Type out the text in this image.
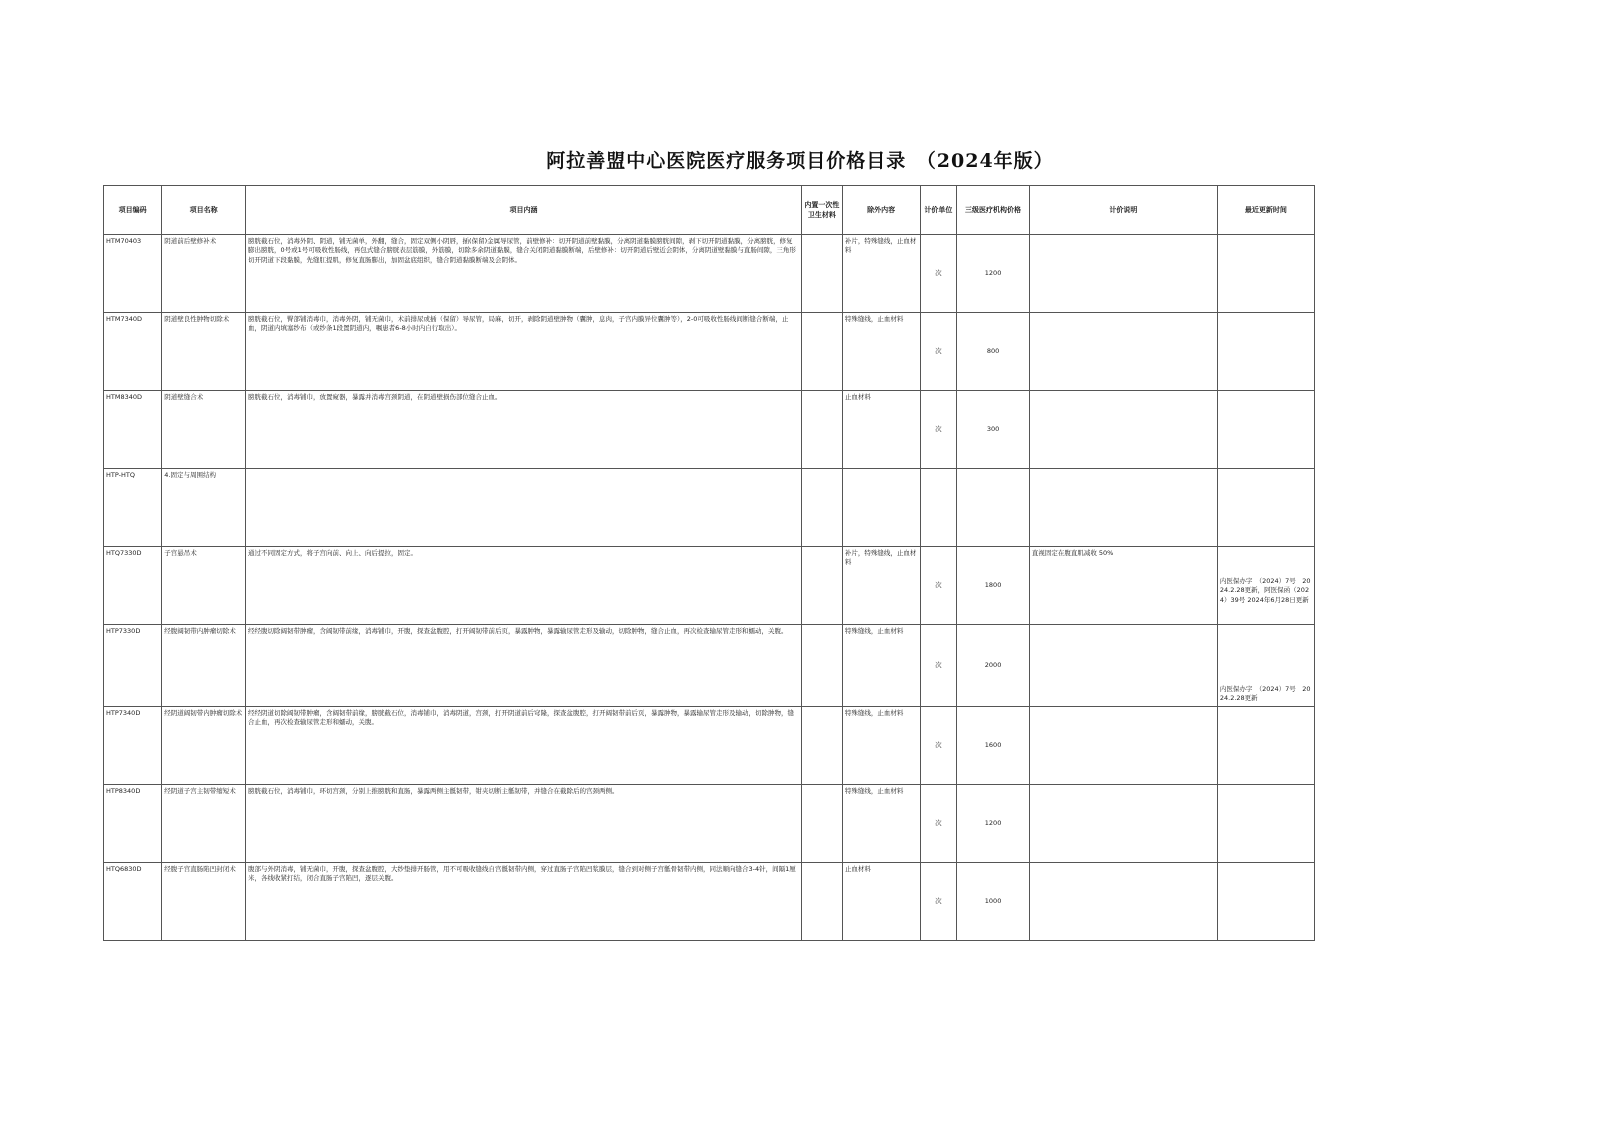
阿拉善盟中心医院医疗服务项目价格目录　（2024年版）
项目编码	项目名称	项目内涵	内置一次性卫生材料	除外内容	计价单位	三级医疗机构价格	计价说明	最近更新时间
HTM70403	阴道前后壁修补术	膀胱截石位，消毒外阴、阴道，铺无菌单，外翻，缝合，固定双侧小阴唇，插(保留)金属导尿管，前壁修补：切开阴道前壁黏膜，分离阴道黏膜膀胱间隙，剥下切开阴道黏膜，分离膀胱，修复膨出膀胱，0号或1号可吸收性肠线，再包式缝合膀胱表层筋膜，外筋膜，切除多余阴道黏膜，缝合关闭阴道黏膜断端，后壁修补：切开阴道后壁近会阴体，分离阴道壁黏膜与直肠间隙，三角形切开阴道下段黏膜，先缝肛提肌，修复直肠膨出，加固盆底组织，缝合阴道黏膜断端及会阴体。		补片，特殊缝线，止血材料	次	1200		
HTM7340D	阴道壁良性肿物切除术	膀胱截石位，臀部铺消毒巾，消毒外阴，铺无菌巾，术前排尿或插（保留）导尿管，局麻，切开，剥除阴道壁肿物（囊肿，息肉，子宫内膜异位囊肿等），2-0可吸收性肠线间断缝合断端，止血，阴道内填塞纱布（或纱条1段置阴道内，嘱患者6-8小时内自行取出）。		特殊缝线，止血材料	次	800		
HTM8340D	阴道壁缝合术	膀胱截石位，消毒铺巾，放置窥器，暴露并消毒宫颈阴道，在阴道壁损伤部位缝合止血。		止血材料	次	300		
HTP-HTQ	4.固定与周围结构							
HTQ7330D	子宫悬吊术	通过不同固定方式，将子宫向前、向上、向后提拉，固定。		补片，特殊缝线，止血材料	次	1800	直视固定在腹直肌减收 50%	内医保办字　（2024）7号　2024.2.28更新，阿医保函（2024）39号 2024年6月28日更新

HTP7330D	经腹阔韧带内肿瘤切除术	经经腹切除阔韧带肿瘤，含阔韧带前缘，消毒铺巾，开腹，探查盆腹腔，打开阔韧带前后页，暴露肿物，暴露输尿管走形及输动，切除肿物，缝合止血，再次检查输尿管走形和蠕动，关腹。		特殊缝线，止血材料	次	2000		内医保办字　（2024）7号　2024.2.28更新

HTP7340D	经阴道阔韧带内肿瘤切除术	经经阴道切除阔韧带肿瘤，含阔韧带前缘，膀胱截石位，消毒铺巾，消毒阴道，宫颈，打开阴道前后穹隆，探查盆腹腔，打开阔韧带前后页，暴露肿物，暴露输尿管走形及输动，切除肿物，缝合止血，再次检查输尿管走形和蠕动，关腹。		特殊缝线，止血材料	次	1600		
HTP8340D	经阴道子宫主韧带缩短术	膀胱截石位，消毒铺巾，环切宫颈，分别上推膀胱和直肠，暴露两侧主骶韧带，钳夹切断主骶韧带，并缝合在截除后的宫颈两侧。		特殊缝线，止血材料	次	1200		
HTQ6830D	经腹子宫直肠陷凹封闭术	腹部与外阴消毒，铺无菌巾，开腹，探查盆腹腔，大纱垫排开肠管，用不可吸收缝线自宫骶韧带内侧，穿过直肠子宫陷凹浆膜层，缝合到对侧子宫骶骨韧带内侧，同法顺向缝合3-4针，间隔1厘米，各线收紧打结，闭合直肠子宫陷凹，逐层关腹。		止血材料	次	1000		
